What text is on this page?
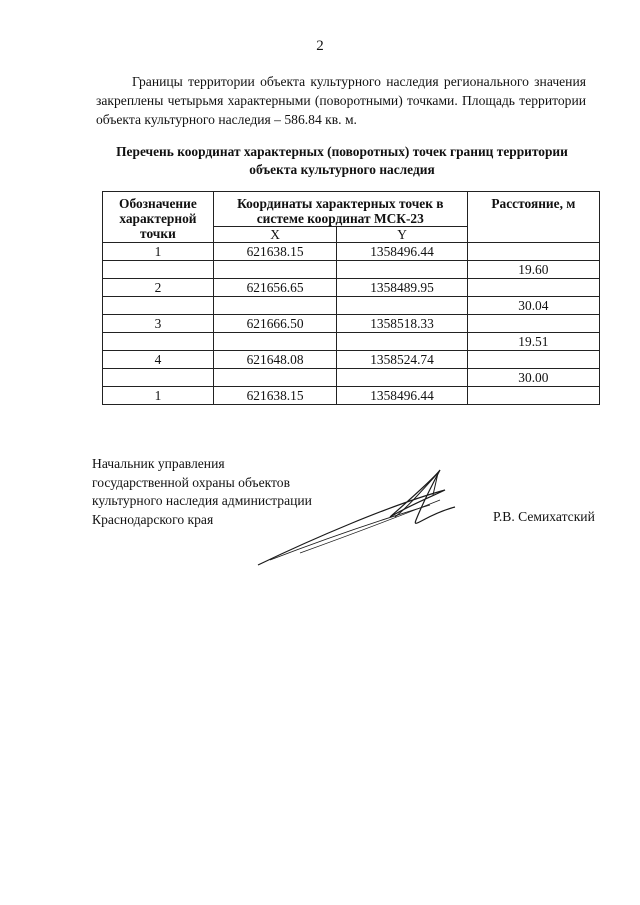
2
Границы территории объекта культурного наследия регионального значения закреплены четырьмя характерными (поворотными) точками. Площадь территории объекта культурного наследия – 586.84 кв. м.
Перечень координат характерных (поворотных) точек границ территории объекта культурного наследия
Обозначение характерной точки	Координаты характерных точек в системе координат МСК-23		Расстояние, м
	X	Y	
1	621638.15	1358496.44	
			19.60
2	621656.65	1358489.95	
			30.04
3	621666.50	1358518.33	
			19.51
4	621648.08	1358524.74	
			30.00
1	621638.15	1358496.44	
Начальник управления
государственной охраны объектов
культурного наследия администрации
Краснодарского края	Р.В. Семихатский
